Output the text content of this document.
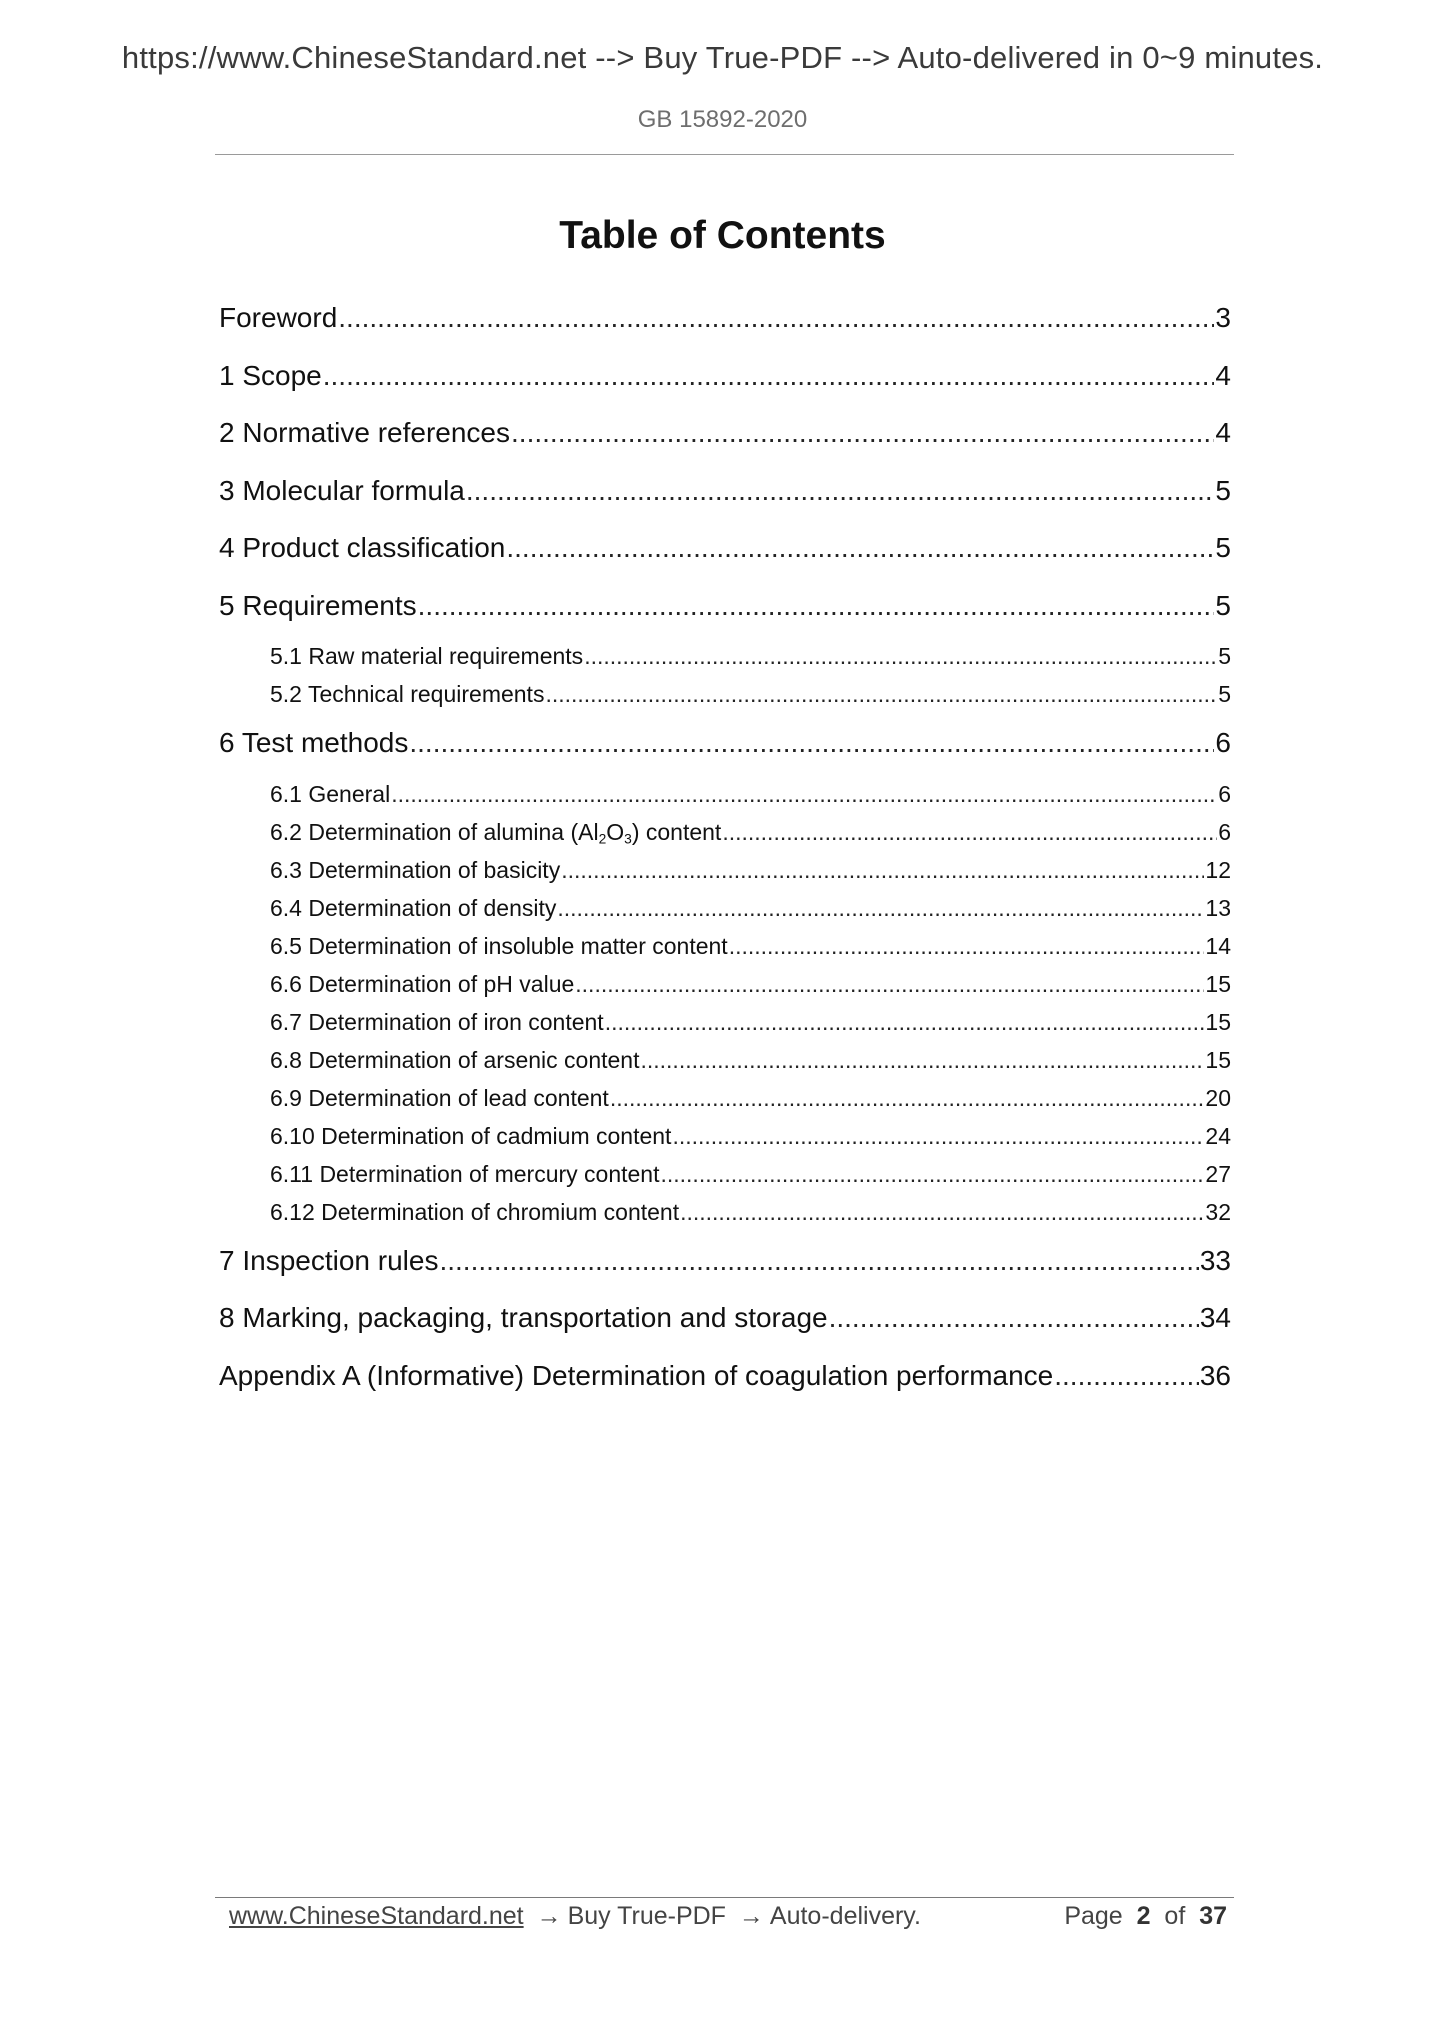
https://www.ChineseStandard.net --> Buy True-PDF --> Auto-delivered in 0~9 minutes.
GB 15892-2020
Table of Contents
Foreword .....	3
1 Scope .....	4
2 Normative references .....	4
3 Molecular formula .....	5
4 Product classification .....	5
5 Requirements .....	5
5.1 Raw material requirements .....	5
5.2 Technical requirements .....	5
6 Test methods .....	6
6.1 General .....	6
6.2 Determination of alumina $(Al_2O_3)$ content .....	6
6.3 Determination of basicity .....	12
6.4 Determination of density .....	13
6.5 Determination of insoluble matter content .....	14
6.6 Determination of pH value .....	15
6.7 Determination of iron content .....	15
6.8 Determination of arsenic content .....	15
6.9 Determination of lead content .....	20
6.10 Determination of cadmium content .....	24
6.11 Determination of mercury content .....	27
6.12 Determination of chromium content .....	32
7 Inspection rules .....	33
8 Marking, packaging, transportation and storage .....	34
Appendix A (Informative) Determination of coagulation performance .....	36
www.ChineseStandard.net → Buy True-PDF → Auto-delivery.	Page 2 of 37
